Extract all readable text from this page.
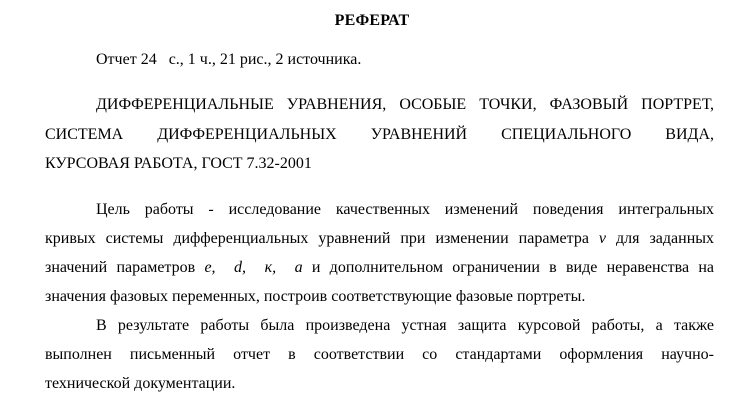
РЕФЕРАТ
Отчет 24   с., 1 ч., 21 рис., 2 источника.
ДИФФЕРЕНЦИАЛЬНЫЕ УРАВНЕНИЯ, ОСОБЫЕ ТОЧКИ, ФАЗОВЫЙ ПОРТРЕТ,
СИСТЕМА ДИФФЕРЕНЦИАЛЬНЫХ УРАВНЕНИЙ СПЕЦИАЛЬНОГО ВИДА,
КУРСОВАЯ РАБОТА, ГОСТ 7.32-2001
Цель работы - исследование качественных изменений поведения интегральных
кривых системы дифференциальных уравнений при изменении параметра v для заданных
значений параметров e,  d,  к,  a и дополнительном ограничении в виде неравенства на
значения фазовых переменных, построив соответствующие фазовые портреты.
В результате работы была произведена устная защита курсовой работы, а также
выполнен письменный отчет в соответствии со стандартами оформления научно-
технической документации.
